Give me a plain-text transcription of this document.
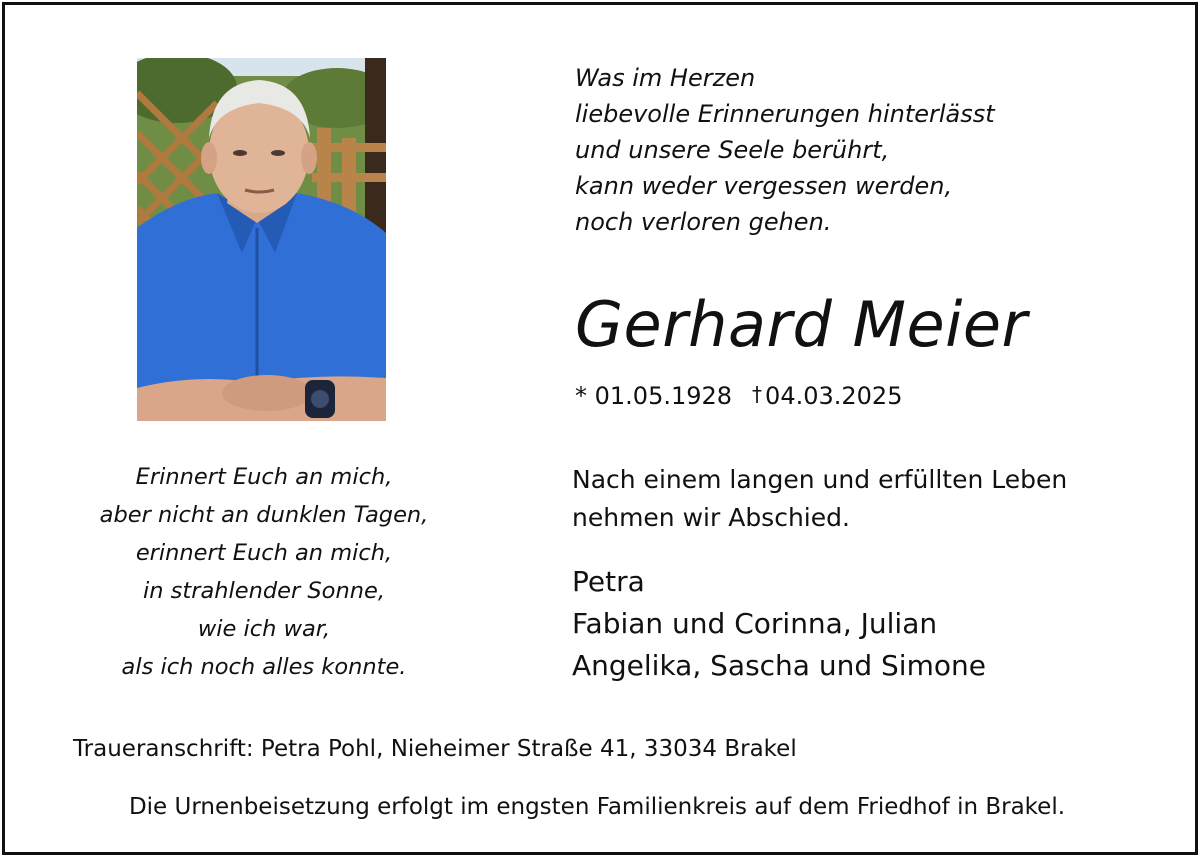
Was im Herzen
liebevolle Erinnerungen hinterlässt
und unsere Seele berührt,
kann weder vergessen werden,
noch verloren gehen.
Gerhard Meier
* 01.05.1928 † 04.03.2025
Nach einem langen und erfüllten Leben
nehmen wir Abschied.
Petra
Fabian und Corinna, Julian
Angelika, Sascha und Simone
Erinnert Euch an mich,
aber nicht an dunklen Tagen,
erinnert Euch an mich,
in strahlender Sonne,
wie ich war,
als ich noch alles konnte.
Traueranschrift: Petra Pohl, Nieheimer Straße 41, 33034 Brakel
Die Urnenbeisetzung erfolgt im engsten Familienkreis auf dem Friedhof in Brakel.
